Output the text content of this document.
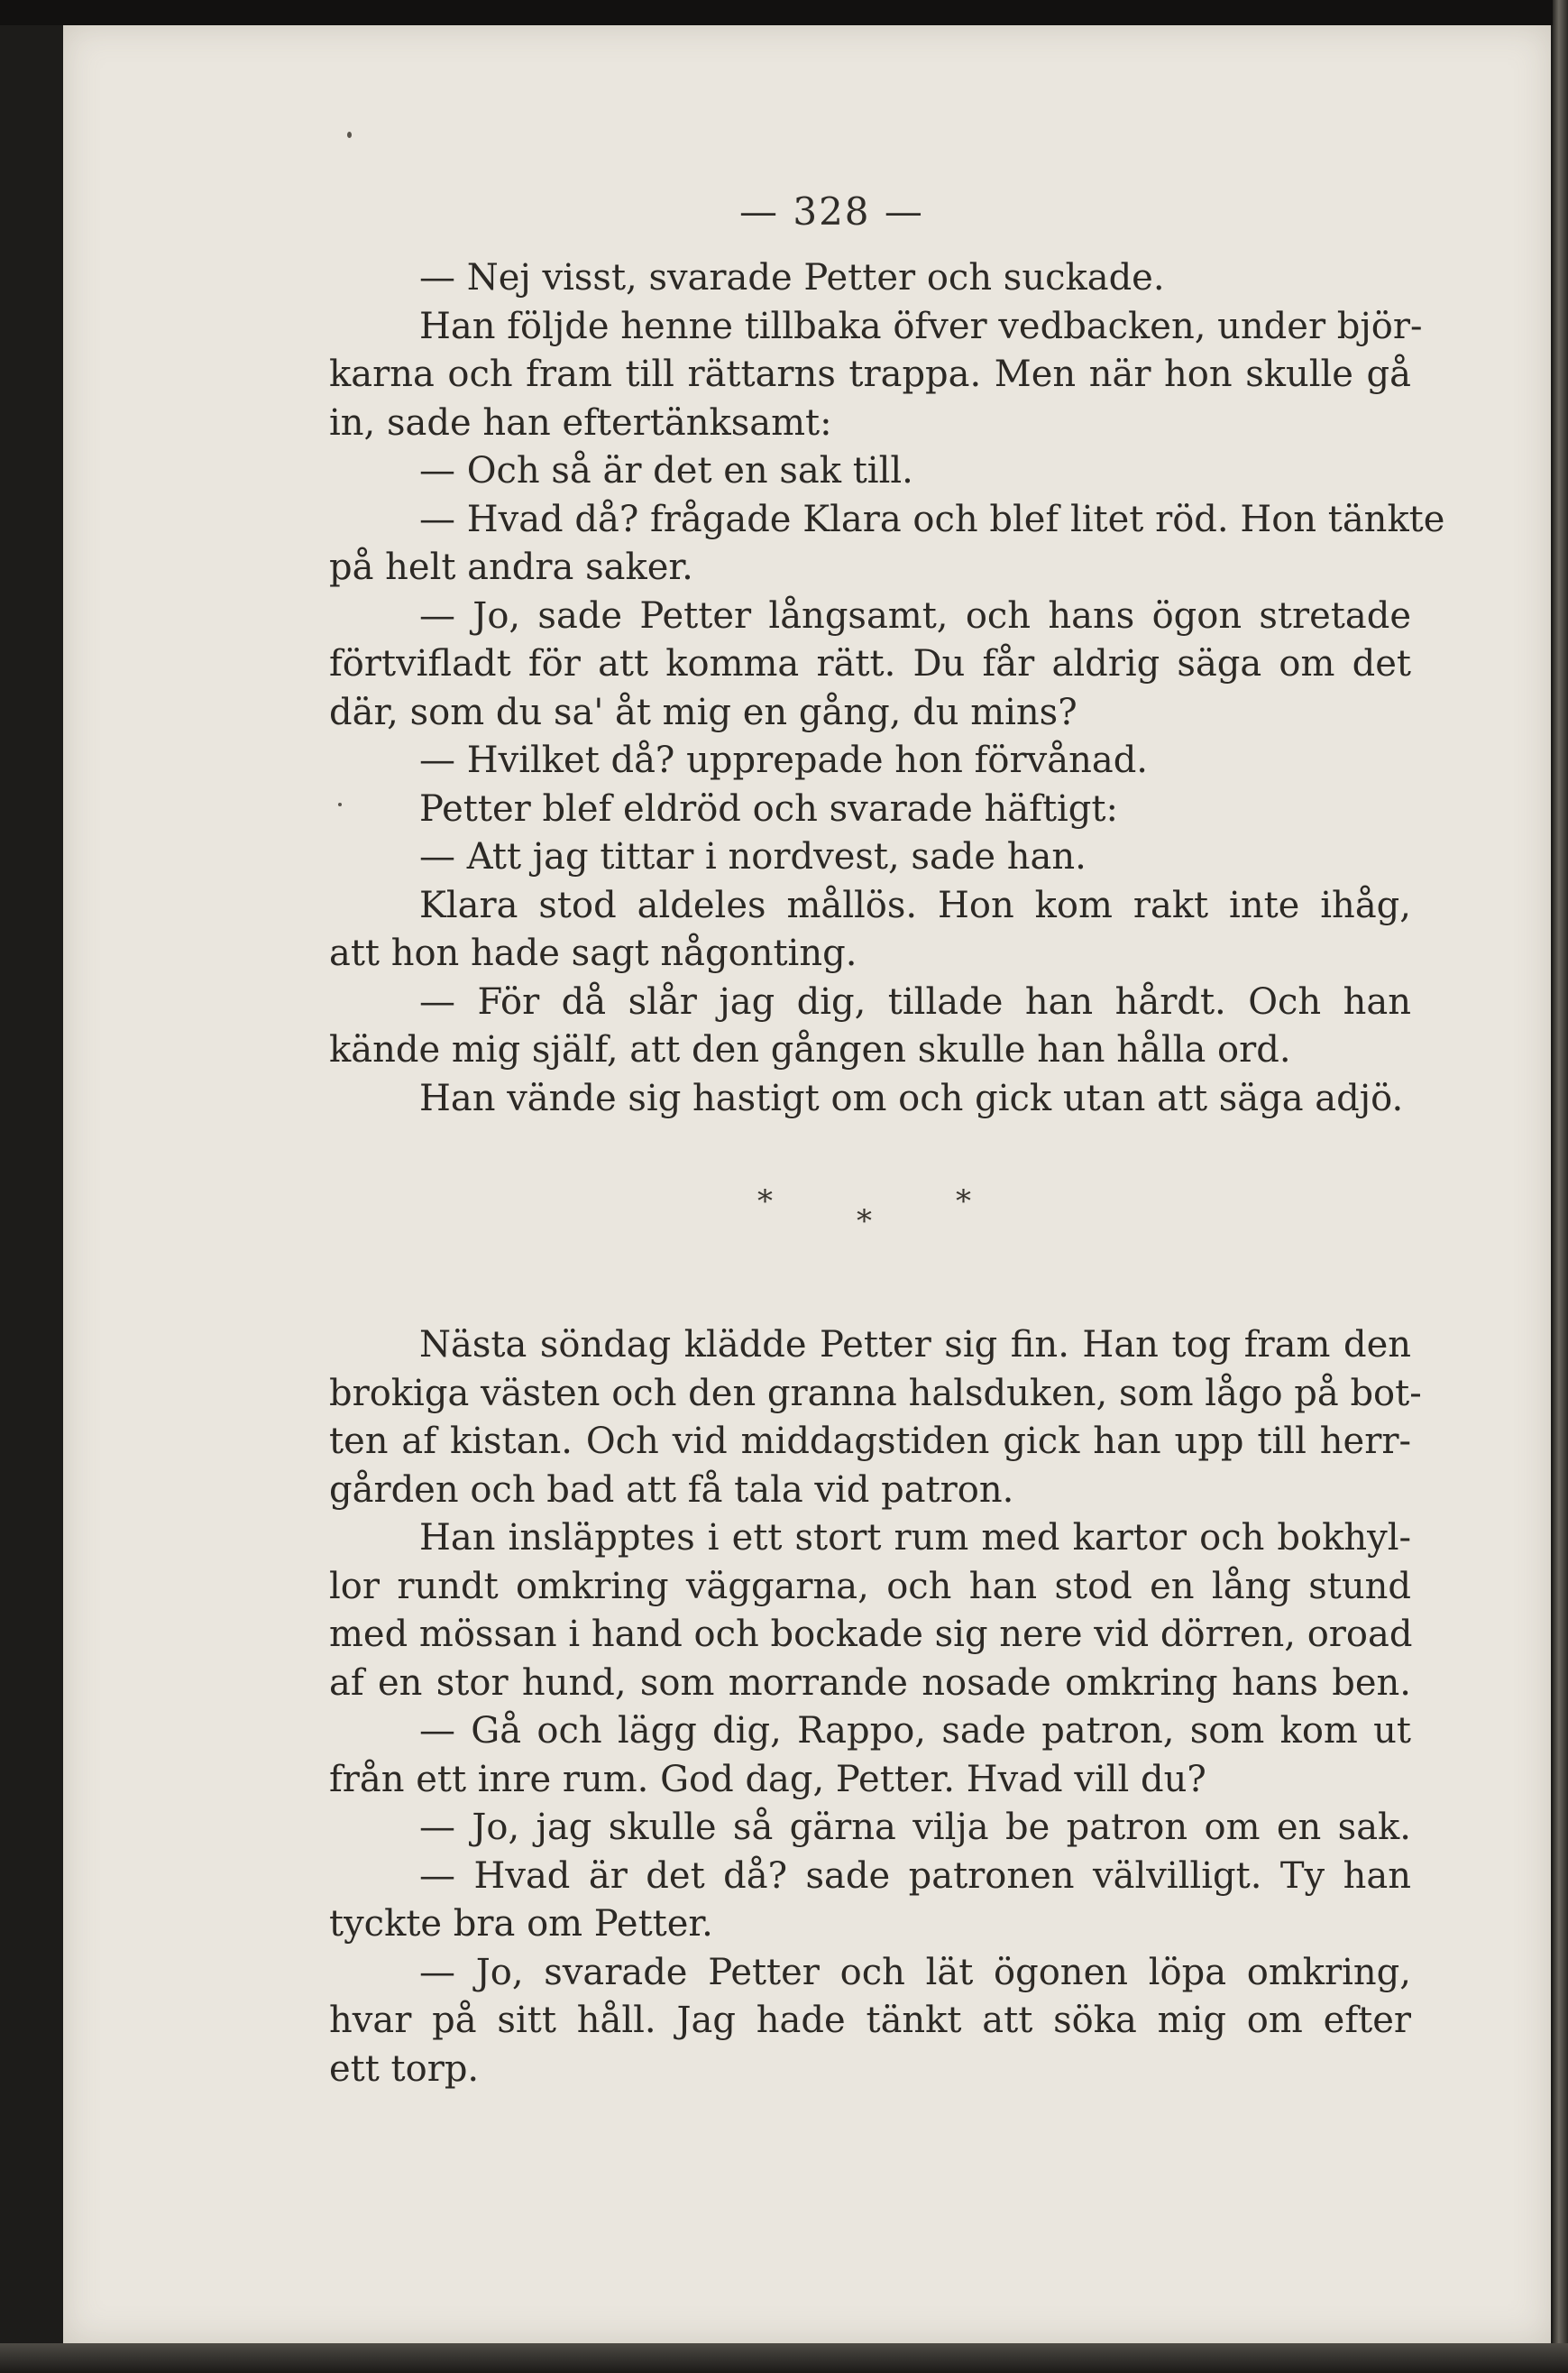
— 328 —
— Nej visst, svarade Petter och suckade.
Han följde henne tillbaka öfver vedbacken, under björ-
karna och fram till rättarns trappa. Men när hon skulle gå
in, sade han eftertänksamt:
— Och så är det en sak till.
— Hvad då? frågade Klara och blef litet röd. Hon tänkte
på helt andra saker.
— Jo, sade Petter långsamt, och hans ögon stretade
förtvifladt för att komma rätt. Du får aldrig säga om det
där, som du sa' åt mig en gång, du mins?
— Hvilket då? upprepade hon förvånad.
Petter blef eldröd och svarade häftigt:
— Att jag tittar i nordvest, sade han.
Klara stod aldeles mållös. Hon kom rakt inte ihåg,
att hon hade sagt någonting.
— För då slår jag dig, tillade han hårdt. Och han
kände mig själf, att den gången skulle han hålla ord.
Han vände sig hastigt om och gick utan att säga adjö.
*
*
*
Nästa söndag klädde Petter sig fin. Han tog fram den
brokiga västen och den granna halsduken, som lågo på bot-
ten af kistan. Och vid middagstiden gick han upp till herr-
gården och bad att få tala vid patron.
Han insläpptes i ett stort rum med kartor och bokhyl-
lor rundt omkring väggarna, och han stod en lång stund
med mössan i hand och bockade sig nere vid dörren, oroad
af en stor hund, som morrande nosade omkring hans ben.
— Gå och lägg dig, Rappo, sade patron, som kom ut
från ett inre rum. God dag, Petter. Hvad vill du?
— Jo, jag skulle så gärna vilja be patron om en sak.
— Hvad är det då? sade patronen välvilligt. Ty han
tyckte bra om Petter.
— Jo, svarade Petter och lät ögonen löpa omkring,
hvar på sitt håll. Jag hade tänkt att söka mig om efter
ett torp.
